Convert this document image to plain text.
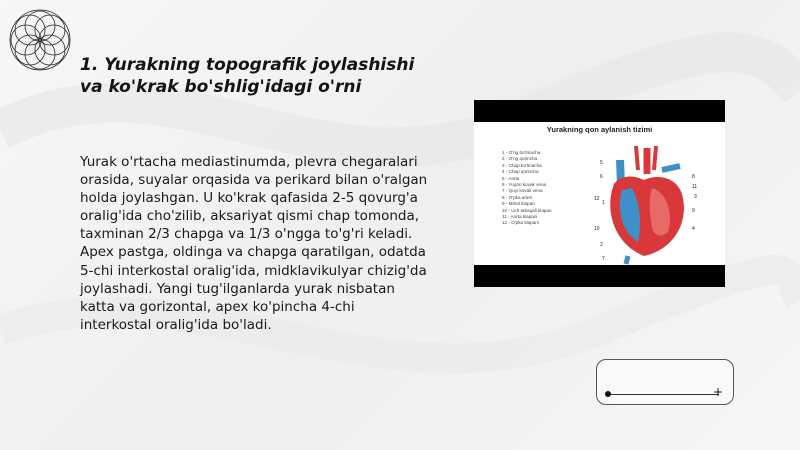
1. Yurakning topografik joylashishi va ko'krak bo'shlig'idagi o'rni

Yurak o'rtacha mediastinumda, plevra chegaralari orasida, suyalar orqasida va perikard bilan o'ralgan holda joylashgan. U ko'krak qafasida 2-5 qovurg'a oralig'ida cho'zilib, aksariyat qismi chap tomonda, taxminan 2/3 chapga va 1/3 o'ngga to'g'ri keladi. Apex pastga, oldinga va chapga qaratilgan, odatda 5-chi interkostal oralig'ida, midklavikulyar chizig'da joylashadi. Yangi tug'ilganlarda yurak nisbatan katta va gorizontal, apex ko'pincha 4-chi interkostal oralig'ida bo'ladi.

Yurakning qon aylanish tizimi
1 - O'ng bo'lmacha
2 - O'ng qorincha
3 - Chap bo'lmacha
4 - Chap qorincha
5 - Aorta
6 - Yuqori kovak vena
7 - Quyi kovak vena
8 - O'pka arteri
9 - Mitral klapan
10 - Uch tabaqali klapan
11 - Aorta klapani
12 - O'pka klapani
5
6
12
1
10
2
7
8
11
3
9
4
+
